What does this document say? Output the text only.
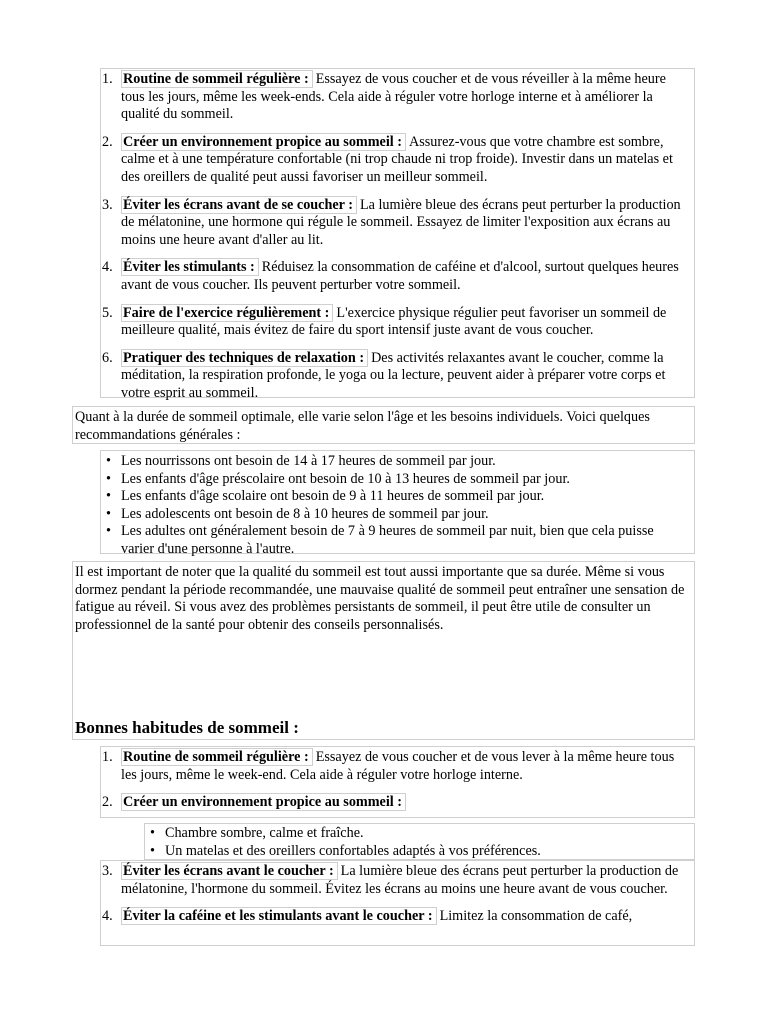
1. Routine de sommeil régulière : Essayez de vous coucher et de vous réveiller à la même heure tous les jours, même les week-ends. Cela aide à réguler votre horloge interne et à améliorer la qualité du sommeil.
2. Créer un environnement propice au sommeil : Assurez-vous que votre chambre est sombre, calme et à une température confortable (ni trop chaude ni trop froide). Investir dans un matelas et des oreillers de qualité peut aussi favoriser un meilleur sommeil.
3. Éviter les écrans avant de se coucher : La lumière bleue des écrans peut perturber la production de mélatonine, une hormone qui régule le sommeil. Essayez de limiter l'exposition aux écrans au moins une heure avant d'aller au lit.
4. Éviter les stimulants : Réduisez la consommation de caféine et d'alcool, surtout quelques heures avant de vous coucher. Ils peuvent perturber votre sommeil.
5. Faire de l'exercice régulièrement : L'exercice physique régulier peut favoriser un sommeil de meilleure qualité, mais évitez de faire du sport intensif juste avant de vous coucher.
6. Pratiquer des techniques de relaxation : Des activités relaxantes avant le coucher, comme la méditation, la respiration profonde, le yoga ou la lecture, peuvent aider à préparer votre corps et votre esprit au sommeil.
Quant à la durée de sommeil optimale, elle varie selon l'âge et les besoins individuels. Voici quelques recommandations générales :
• Les nourrissons ont besoin de 14 à 17 heures de sommeil par jour.
• Les enfants d'âge préscolaire ont besoin de 10 à 13 heures de sommeil par jour.
• Les enfants d'âge scolaire ont besoin de 9 à 11 heures de sommeil par jour.
• Les adolescents ont besoin de 8 à 10 heures de sommeil par jour.
• Les adultes ont généralement besoin de 7 à 9 heures de sommeil par nuit, bien que cela puisse varier d'une personne à l'autre.
Il est important de noter que la qualité du sommeil est tout aussi importante que sa durée. Même si vous dormez pendant la période recommandée, une mauvaise qualité de sommeil peut entraîner une sensation de fatigue au réveil. Si vous avez des problèmes persistants de sommeil, il peut être utile de consulter un professionnel de la santé pour obtenir des conseils personnalisés.
Bonnes habitudes de sommeil :
1. Routine de sommeil régulière : Essayez de vous coucher et de vous lever à la même heure tous les jours, même le week-end. Cela aide à réguler votre horloge interne.
2. Créer un environnement propice au sommeil :
• Chambre sombre, calme et fraîche.
• Un matelas et des oreillers confortables adaptés à vos préférences.
3. Éviter les écrans avant le coucher : La lumière bleue des écrans peut perturber la production de mélatonine, l'hormone du sommeil. Évitez les écrans au moins une heure avant de vous coucher.
4. Éviter la caféine et les stimulants avant le coucher : Limitez la consommation de café,
